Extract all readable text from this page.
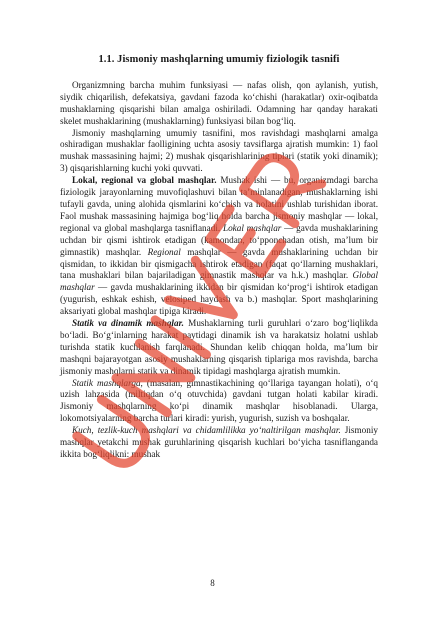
1.1. Jismoniy mashqlarning umumiy fiziologik tasnifi

Organizmning barcha muhim funksiyasi — nafas olish, qon aylanish, yutish, siydik chiqarilish, defekatsiya, gavdani fazoda ko‘chishi (harakatlar) oxir-oqibatda mushaklarning qisqarishi bilan amalga oshiriladi. Odamning har qanday harakati skelet mushaklarining (mushaklarning) funksiyasi bilan bog‘liq.

Jismoniy mashqlarning umumiy tasnifini, mos ravishdagi mashqlarni amalga oshiradigan mushaklar faolligining uchta asosiy tavsiflarga ajratish mumkin: 1) faol mushak massasining hajmi; 2) mushak qisqarishlarining tiplari (statik yoki dinamik); 3) qisqarishlarning kuchi yoki quvvati.

Lokal, regional va global mashqlar. Mushak ishi — bu, organizmdagi barcha fiziologik jarayonlarning muvofiqlashuvi bilan ta’minlanadigan, mushaklarning ishi tufayli gavda, uning alohida qismlarini ko‘chish va holatini ushlab turishidan iborat. Faol mushak massasining hajmiga bog‘liq holda barcha jismoniy mashqlar — lokal, regional va global mashqlarga tasniflanadi. Lokal mashqlar — gavda mushaklarining uchdan bir qismi ishtirok etadigan (kamondan, to‘pponchadan otish, ma’lum bir gimnastik) mashqlar. Regional mashqlar — gavda mushaklarining uchdan bir qismidan, to ikkidan bir qismigacha ishtirok etadigan (faqat qo‘llarning mushaklari, tana mushaklari bilan bajariladigan gimnastik mashqlar va h.k.) mashqlar. Global mashqlar — gavda mushaklarining ikkidan bir qismidan ko‘prog‘i ishtirok etadigan (yugurish, eshkak eshish, velosiped haydash va b.) mashqlar. Sport mashqlarining aksariyati global mashqlar tipiga kiradi.

Statik va dinamik mashqlar. Mushaklarning turli guruhlari o‘zaro bog‘liqlikda bo‘ladi. Bo‘g‘inlarning harakat paytidagi dinamik ish va harakatsiz holatni ushlab turishda statik kuchlanish farqlanadi. Shundan kelib chiqqan holda, ma’lum bir mashqni bajarayotgan asosiy mushaklarning qisqarish tiplariga mos ravishda, barcha jismoniy mashqlarni statik va dinamik tipidagi mashqlarga ajratish mumkin.

Statik mashqlarga, (masalan, gimnastikachining qo‘llariga tayangan holati), o‘q uzish lahzasida (miltiqdan o‘q otuvchida) gavdani tutgan holati kabilar kiradi. Jismoniy mashqlarning ko‘pi dinamik mashqlar hisoblanadi. Ularga, lokomotsiyalarning barcha turlari kiradi: yurish, yugurish, suzish va boshqalar.

Kuch, tezlik-kuch mashqlari va chidamlilikka yo‘naltirilgan mashqlar. Jismoniy mashqlar yetakchi mushak guruhlarining qisqarish kuchlari bo‘yicha tasniflanganda ikkita bog‘liqlikni: mushak

8
